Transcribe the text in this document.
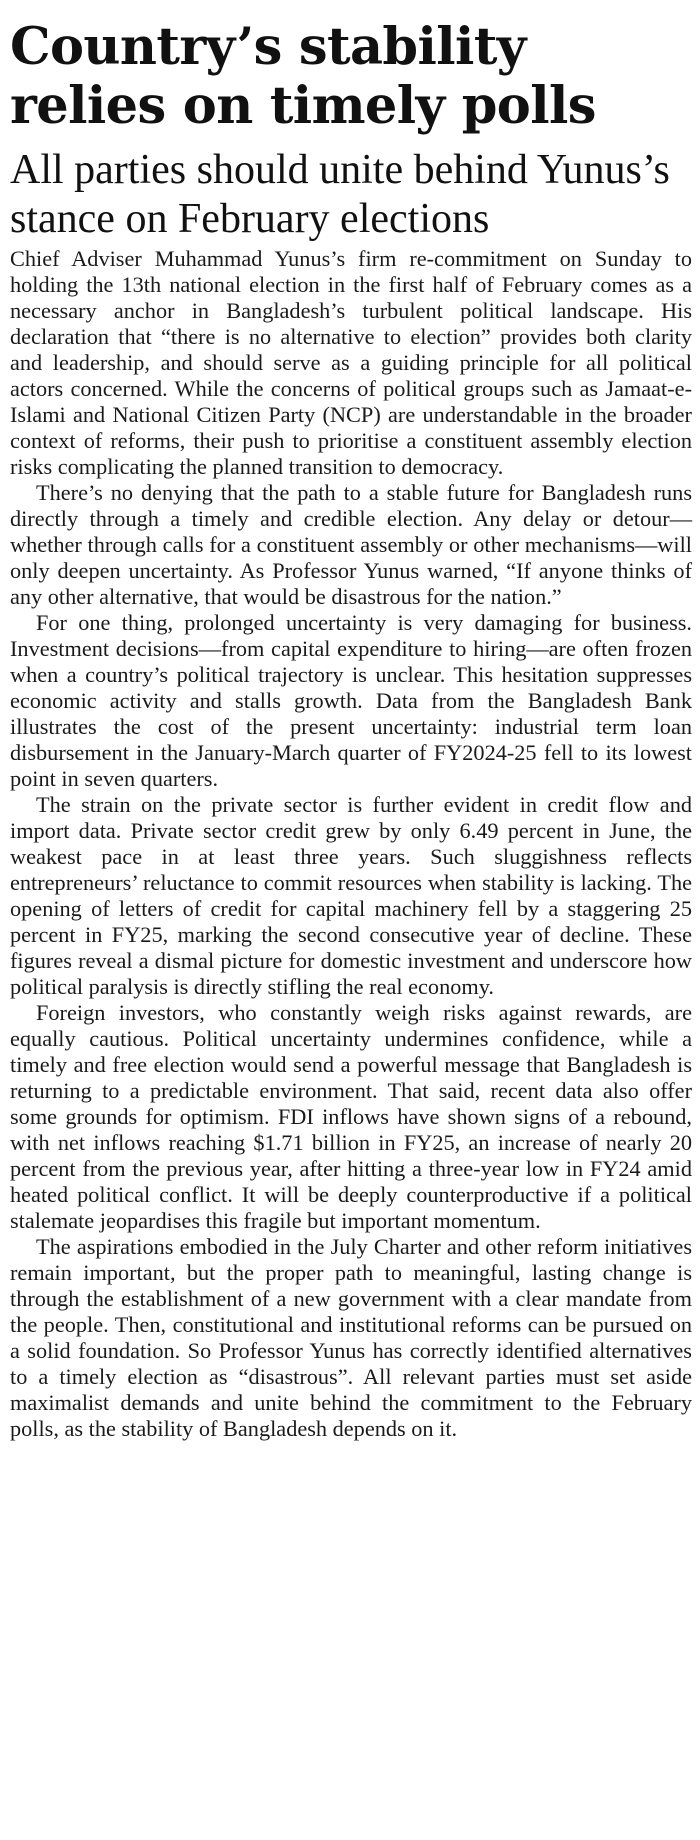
Country’s stability relies on timely polls
All parties should unite behind Yunus’s stance on February elections

Chief Adviser Muhammad Yunus’s firm re-commitment on Sunday to holding the 13th national election in the first half of February comes as a necessary anchor in Bangladesh’s turbulent political landscape. His declaration that “there is no alternative to election” provides both clarity and leadership, and should serve as a guiding principle for all political actors concerned. While the concerns of political groups such as Jamaat-e-Islami and National Citizen Party (NCP) are understandable in the broader context of reforms, their push to prioritise a constituent assembly election risks complicating the planned transition to democracy.

There’s no denying that the path to a stable future for Bangladesh runs directly through a timely and credible election. Any delay or detour—whether through calls for a constituent assembly or other mechanisms—will only deepen uncertainty. As Professor Yunus warned, “If anyone thinks of any other alternative, that would be disastrous for the nation.”

For one thing, prolonged uncertainty is very damaging for business. Investment decisions—from capital expenditure to hiring—are often frozen when a country’s political trajectory is unclear. This hesitation suppresses economic activity and stalls growth. Data from the Bangladesh Bank illustrates the cost of the present uncertainty: industrial term loan disbursement in the January-March quarter of FY2024-25 fell to its lowest point in seven quarters.

The strain on the private sector is further evident in credit flow and import data. Private sector credit grew by only 6.49 percent in June, the weakest pace in at least three years. Such sluggishness reflects entrepreneurs’ reluctance to commit resources when stability is lacking. The opening of letters of credit for capital machinery fell by a staggering 25 percent in FY25, marking the second consecutive year of decline. These figures reveal a dismal picture for domestic investment and underscore how political paralysis is directly stifling the real economy.

Foreign investors, who constantly weigh risks against rewards, are equally cautious. Political uncertainty undermines confidence, while a timely and free election would send a powerful message that Bangladesh is returning to a predictable environment. That said, recent data also offer some grounds for optimism. FDI inflows have shown signs of a rebound, with net inflows reaching $1.71 billion in FY25, an increase of nearly 20 percent from the previous year, after hitting a three-year low in FY24 amid heated political conflict. It will be deeply counterproductive if a political stalemate jeopardises this fragile but important momentum.

The aspirations embodied in the July Charter and other reform initiatives remain important, but the proper path to meaningful, lasting change is through the establishment of a new government with a clear mandate from the people. Then, constitutional and institutional reforms can be pursued on a solid foundation. So Professor Yunus has correctly identified alternatives to a timely election as “disastrous”. All relevant parties must set aside maximalist demands and unite behind the commitment to the February polls, as the stability of Bangladesh depends on it.
